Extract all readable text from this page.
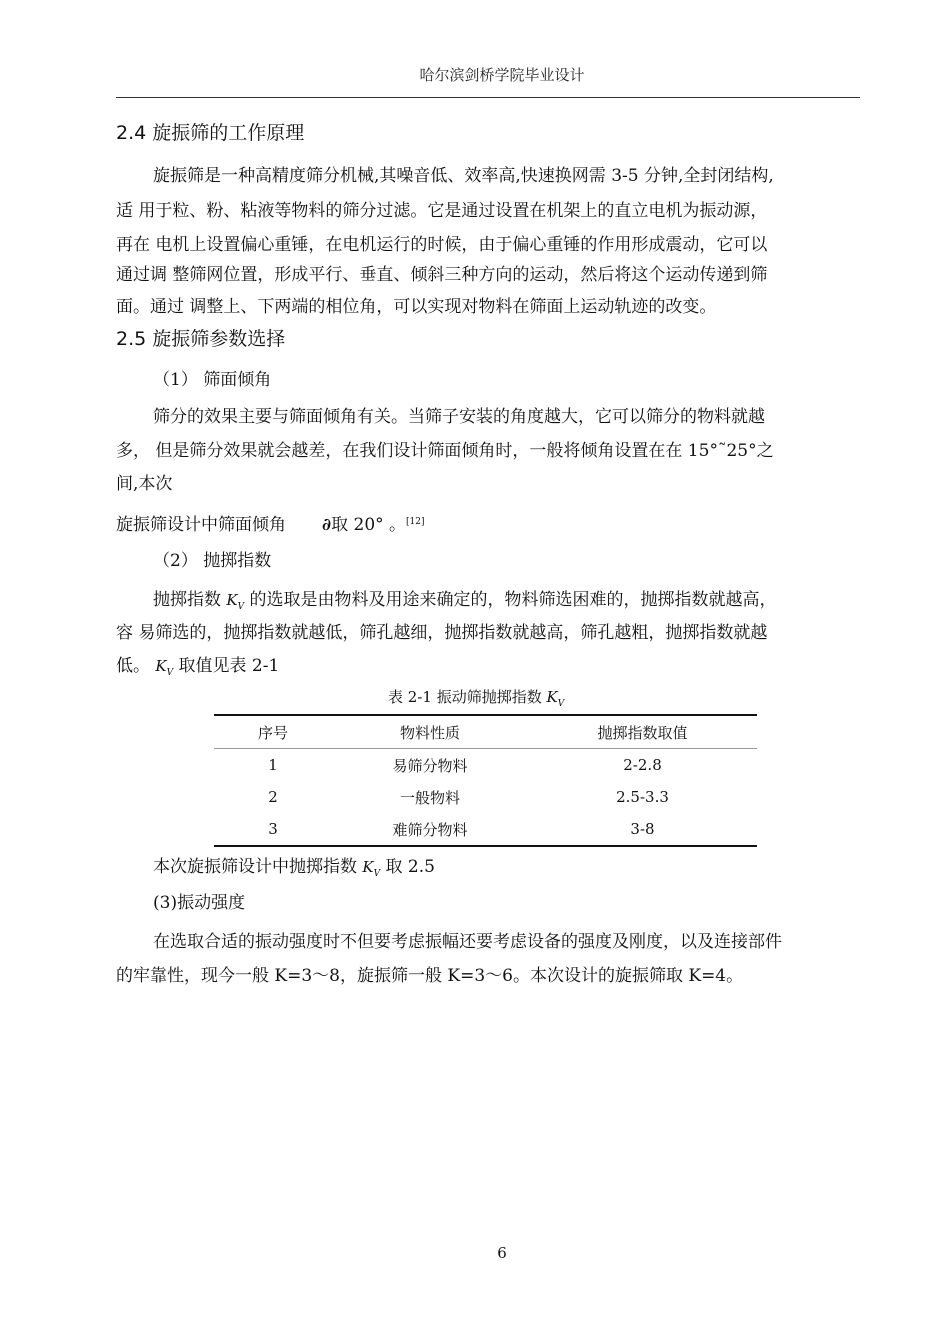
哈尔滨剑桥学院毕业设计
2.4 旋振筛的工作原理
旋振筛是一种高精度筛分机械,其噪音低、效率高,快速换网需 3-5 分钟,全封闭结构,
适 用于粒、粉、粘液等物料的筛分过滤。它是通过设置在机架上的直立电机为振动源，
再在 电机上设置偏心重锤，在电机运行的时候，由于偏心重锤的作用形成震动，它可以
通过调 整筛网位置，形成平行、垂直、倾斜三种方向的运动，然后将这个运动传递到筛
面。通过 调整上、下两端的相位角，可以实现对物料在筛面上运动轨迹的改变。
2.5 旋振筛参数选择
（1） 筛面倾角
筛分的效果主要与筛面倾角有关。当筛子安装的角度越大，它可以筛分的物料就越
多， 但是筛分效果就会越差，在我们设计筛面倾角时，一般将倾角设置在在 15°˜25°之
间,本次
旋振筛设计中筛面倾角 ∂取 20° 。[12]
（2） 抛掷指数
抛掷指数 $K_V$ 的选取是由物料及用途来确定的，物料筛选困难的，抛掷指数就越高，
容 易筛选的，抛掷指数就越低，筛孔越细，抛掷指数就越高，筛孔越粗，抛掷指数就越
低。 $K_V$ 取值见表 2-1
表 2-1 振动筛抛掷指数 $K_V$
序号	物料性质	抛掷指数取值
1	易筛分物料	2-2.8
2	一般物料	2.5-3.3
3	难筛分物料	3-8
本次旋振筛设计中抛掷指数 $K_V$ 取 2.5
(3)振动强度
在选取合适的振动强度时不但要考虑振幅还要考虑设备的强度及刚度，以及连接部件
的牢靠性，现今一般 K=3～8，旋振筛一般 K=3～6。本次设计的旋振筛取 K=4。
6
